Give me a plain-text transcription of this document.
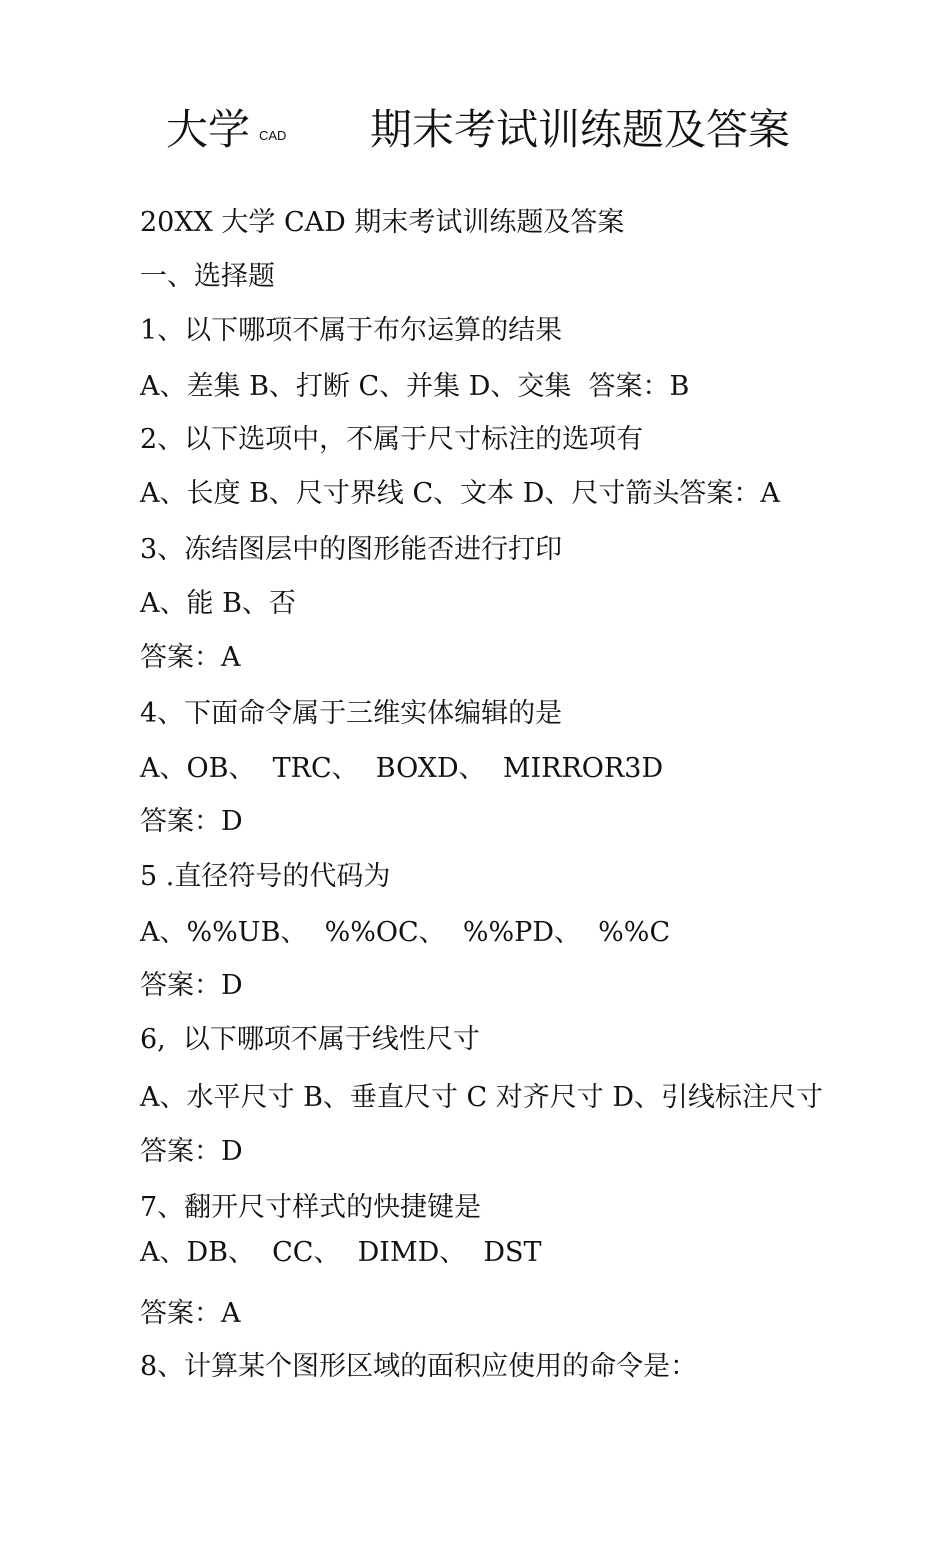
大学 CAD 期末考试训练题及答案
20XX 大学 CAD 期末考试训练题及答案
一、选择题
1、以下哪项不属于布尔运算的结果
A、差集 B、打断 C、并集 D、交集  答案：B
2、以下选项中，不属于尺寸标注的选项有
A、长度 B、尺寸界线 C、文本 D、尺寸箭头答案：A
3、冻结图层中的图形能否进行打印
A、能 B、否
答案：A
4、下面命令属于三维实体编辑的是
A、OB、  TRC、  BOXD、  MIRROR3D
答案：D
5 .直径符号的代码为
A、%%UB、  %%OC、  %%PD、  %%C
答案：D
6,  以下哪项不属于线性尺寸
A、水平尺寸 B、垂直尺寸 C 对齐尺寸 D、引线标注尺寸
答案：D
7、翻开尺寸样式的快捷键是
A、DB、  CC、  DIMD、  DST
答案：A
8、计算某个图形区域的面积应使用的命令是：
